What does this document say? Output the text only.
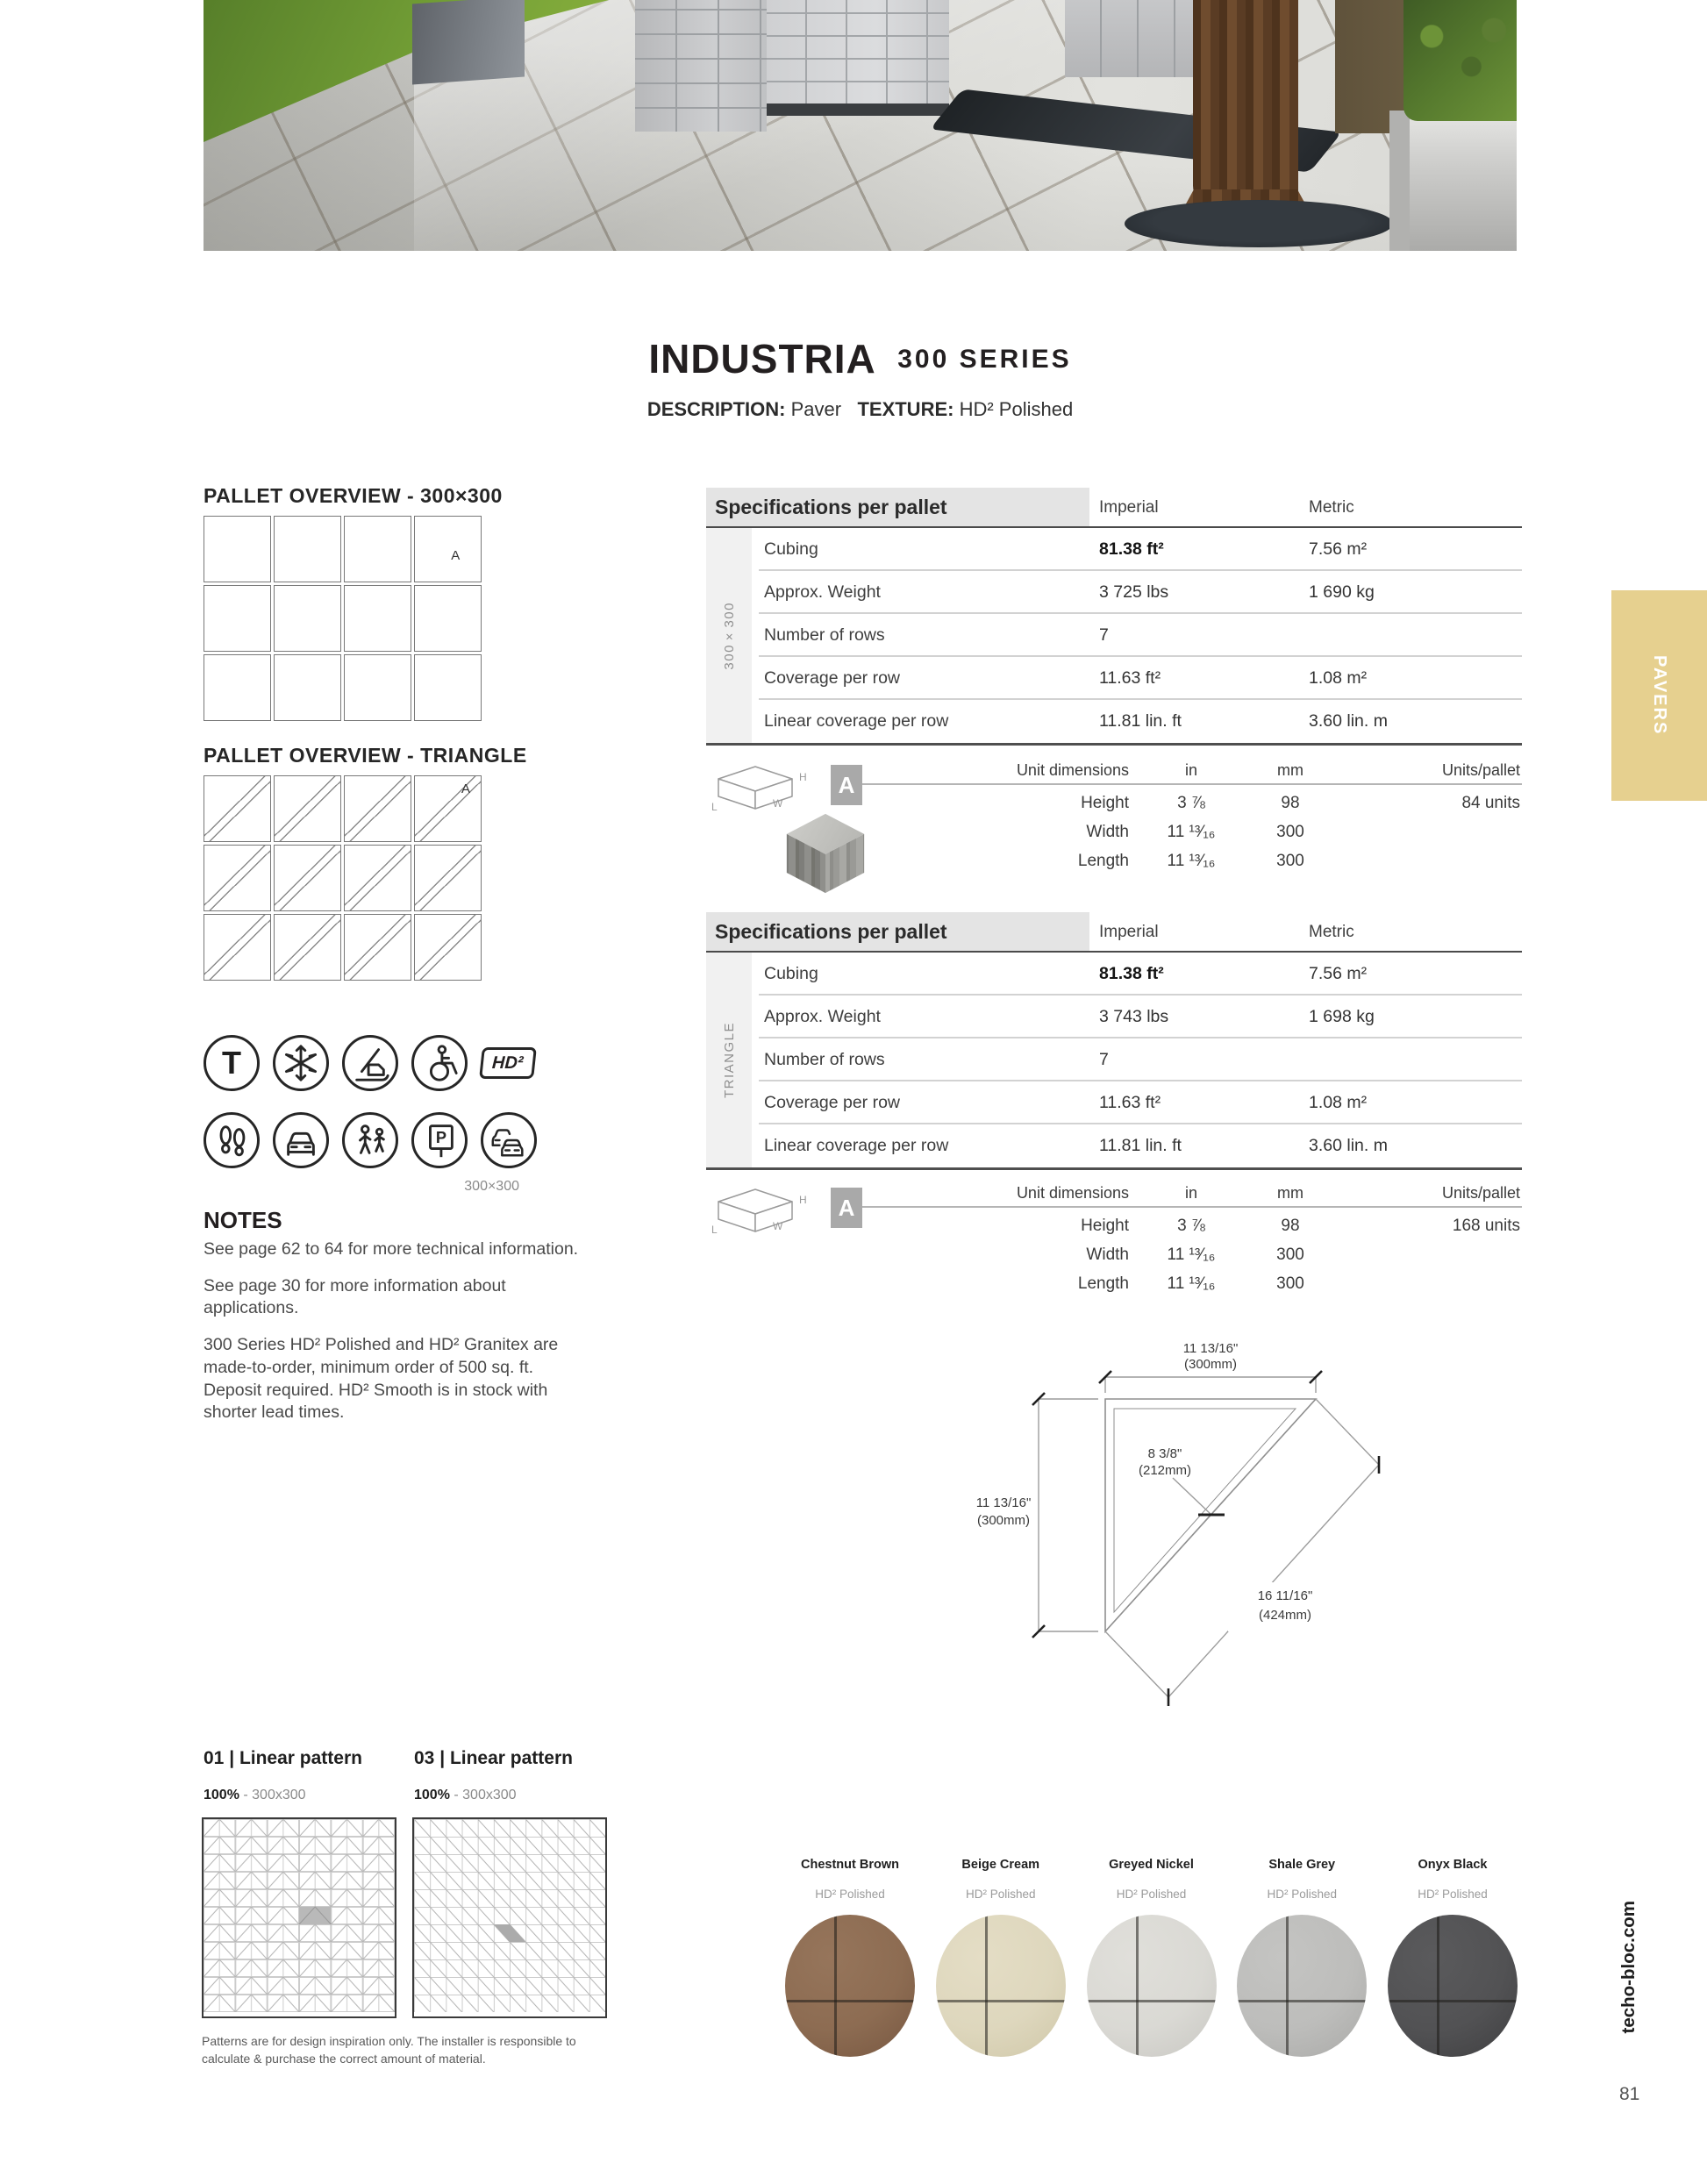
INDUSTRIA 300 SERIES
DESCRIPTION: Paver TEXTURE: HD² Polished
PALLET OVERVIEW - 300×300
A
PALLET OVERVIEW - TRIANGLE
A
T	HD²
P
300×300
NOTES

See page 62 to 64 for more technical information.

See page 30 for more information about applications.

300 Series HD² Polished and HD² Granitex are made-to-order, minimum order of 500 sq. ft. Deposit required. HD² Smooth is in stock with shorter lead times.

Specifications per pallet	Imperial	Metric
300×300
Cubing	81.38 ft²	7.56 m²
Approx. Weight	3 725 lbs	1 690 kg
Number of rows	7
Coverage per row	11.63 ft²	1.08 m²
Linear coverage per row	11.81 lin. ft	3.60 lin. m
H
W
L
A
Unit dimensions	in	mm	Units/pallet
Height	3 ⅞	98	84 units
Width	11 ¹³⁄₁₆	300
Length	11 ¹³⁄₁₆	300
Specifications per pallet	Imperial	Metric
TRIANGLE
Cubing	81.38 ft²	7.56 m²
Approx. Weight	3 743 lbs	1 698 kg
Number of rows	7
Coverage per row	11.63 ft²	1.08 m²
Linear coverage per row	11.81 lin. ft	3.60 lin. m
H
W
L
A
Unit dimensions	in	mm	Units/pallet
Height	3 ⅞	98	168 units
Width	11 ¹³⁄₁₆	300
Length	11 ¹³⁄₁₆	300
11 13/16"
(300mm)
11 13/16"
(300mm)
8 3/8"
(212mm)
16 11/16"
(424mm)
01 | Linear pattern
100% - 300x300
03 | Linear pattern
100% - 300x300
Patterns are for design inspiration only. The installer is responsible to calculate & purchase the correct amount of material.
Chestnut Brown
HD² Polished
Beige Cream
HD² Polished
Greyed Nickel
HD² Polished
Shale Grey
HD² Polished
Onyx Black
HD² Polished
PAVERS
techo-bloc.com
81
